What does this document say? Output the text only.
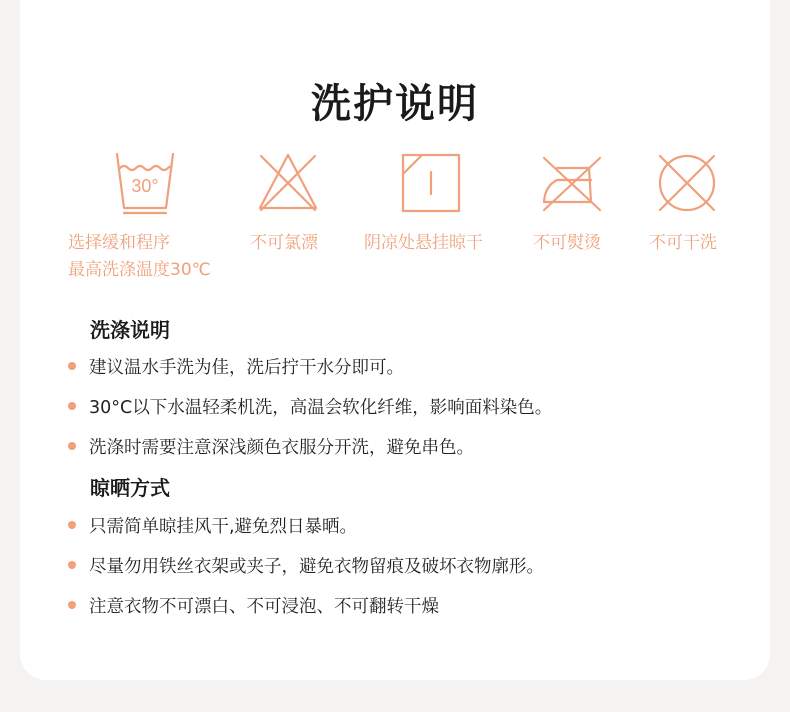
洗护说明
30°
选择缓和程序
最高洗涤温度30℃
不可氯漂	阴凉处悬挂晾干	不可熨烫	不可干洗
洗涤说明
建议温水手洗为佳，洗后拧干水分即可。
30°C以下水温轻柔机洗，高温会软化纤维，影响面料染色。
洗涤时需要注意深浅颜色衣服分开洗，避免串色。
晾晒方式
只需简单晾挂风干,避免烈日暴晒。
尽量勿用铁丝衣架或夹子，避免衣物留痕及破坏衣物廓形。
注意衣物不可漂白、不可浸泡、不可翻转干燥
